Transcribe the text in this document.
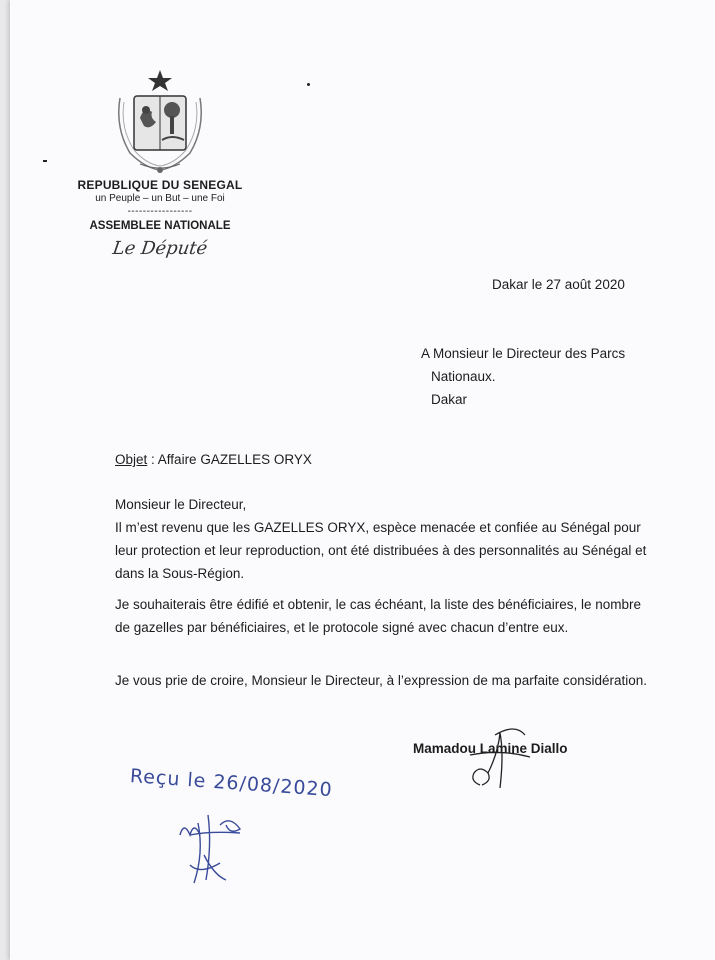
REPUBLIQUE DU SENEGAL
un Peuple – un But – une Foi
-----------------
ASSEMBLEE NATIONALE
Le Député
Dakar le 27 août 2020
A Monsieur le Directeur des Parcs
Nationaux.
Dakar
Objet : Affaire GAZELLES ORYX
Monsieur le Directeur,
Il m’est revenu que les GAZELLES ORYX, espèce menacée et confiée au Sénégal pour leur protection et leur reproduction, ont été distribuées à des personnalités au Sénégal et dans la Sous-Région.
Je souhaiterais être édifié et obtenir, le cas échéant, la liste des bénéficiaires, le nombre de gazelles par bénéficiaires, et le protocole signé avec chacun d’entre eux.
Je vous prie de croire, Monsieur le Directeur, à l’expression de ma parfaite considération.
Mamadou Lamine Diallo
Reçu le 26/08/2020
